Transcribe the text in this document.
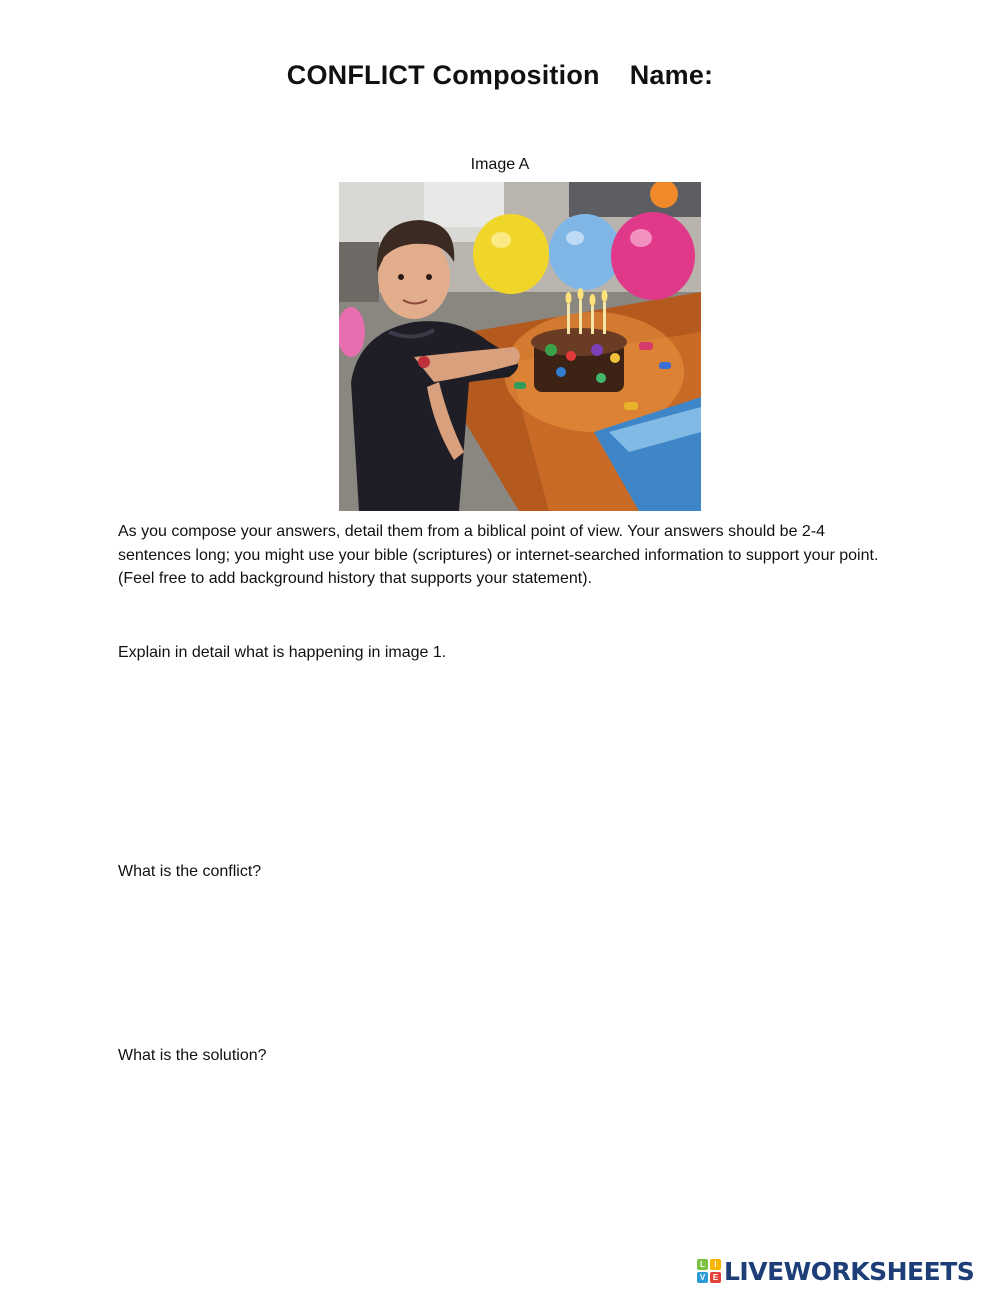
CONFLICT Composition Name:
Image A
As you compose your answers, detail them from a biblical point of view. Your answers should be 2-4 sentences long; you might use your bible (scriptures) or internet-searched information to support your point. (Feel free to add background history that supports your statement).
Explain in detail what is happening in image 1.
What is the conflict?
What is the solution?
L	I
V E LIVEWORKSHEETS
